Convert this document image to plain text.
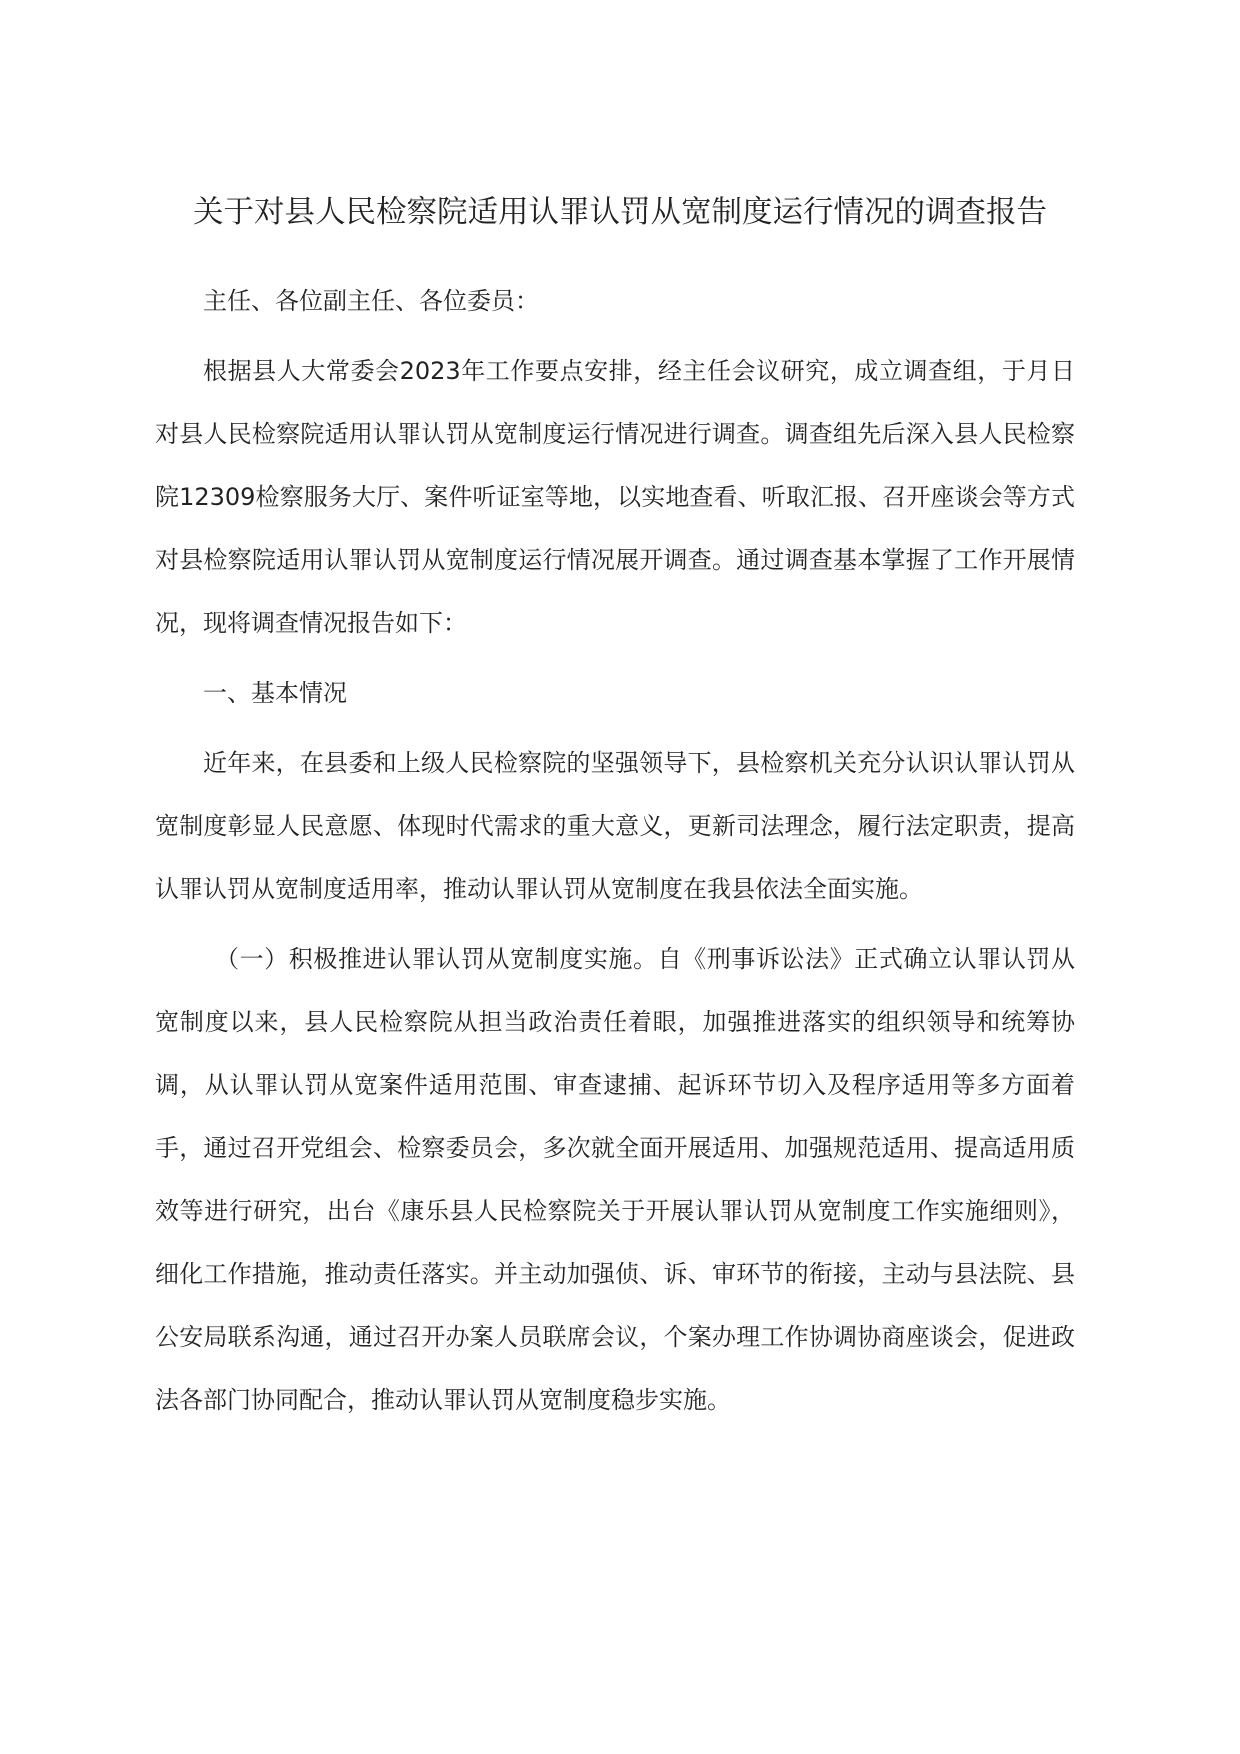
关于对县人民检察院适用认罪认罚从宽制度运行情况的调查报告

主任、各位副主任、各位委员：

根据县人大常委会2023年工作要点安排，经主任会议研究，成立调查组，于月日对县人民检察院适用认罪认罚从宽制度运行情况进行调查。调查组先后深入县人民检察院12309检察服务大厅、案件听证室等地，以实地查看、听取汇报、召开座谈会等方式对县检察院适用认罪认罚从宽制度运行情况展开调查。通过调查基本掌握了工作开展情况，现将调查情况报告如下：

一、基本情况

近年来，在县委和上级人民检察院的坚强领导下，县检察机关充分认识认罪认罚从宽制度彰显人民意愿、体现时代需求的重大意义，更新司法理念，履行法定职责，提高认罪认罚从宽制度适用率，推动认罪认罚从宽制度在我县依法全面实施。

（一）积极推进认罪认罚从宽制度实施。自《刑事诉讼法》正式确立认罪认罚从宽制度以来，县人民检察院从担当政治责任着眼，加强推进落实的组织领导和统筹协调，从认罪认罚从宽案件适用范围、审查逮捕、起诉环节切入及程序适用等多方面着手，通过召开党组会、检察委员会，多次就全面开展适用、加强规范适用、提高适用质效等进行研究，出台《康乐县人民检察院关于开展认罪认罚从宽制度工作实施细则》，细化工作措施，推动责任落实。并主动加强侦、诉、审环节的衔接，主动与县法院、县公安局联系沟通，通过召开办案人员联席会议，个案办理工作协调协商座谈会，促进政法各部门协同配合，推动认罪认罚从宽制度稳步实施。
